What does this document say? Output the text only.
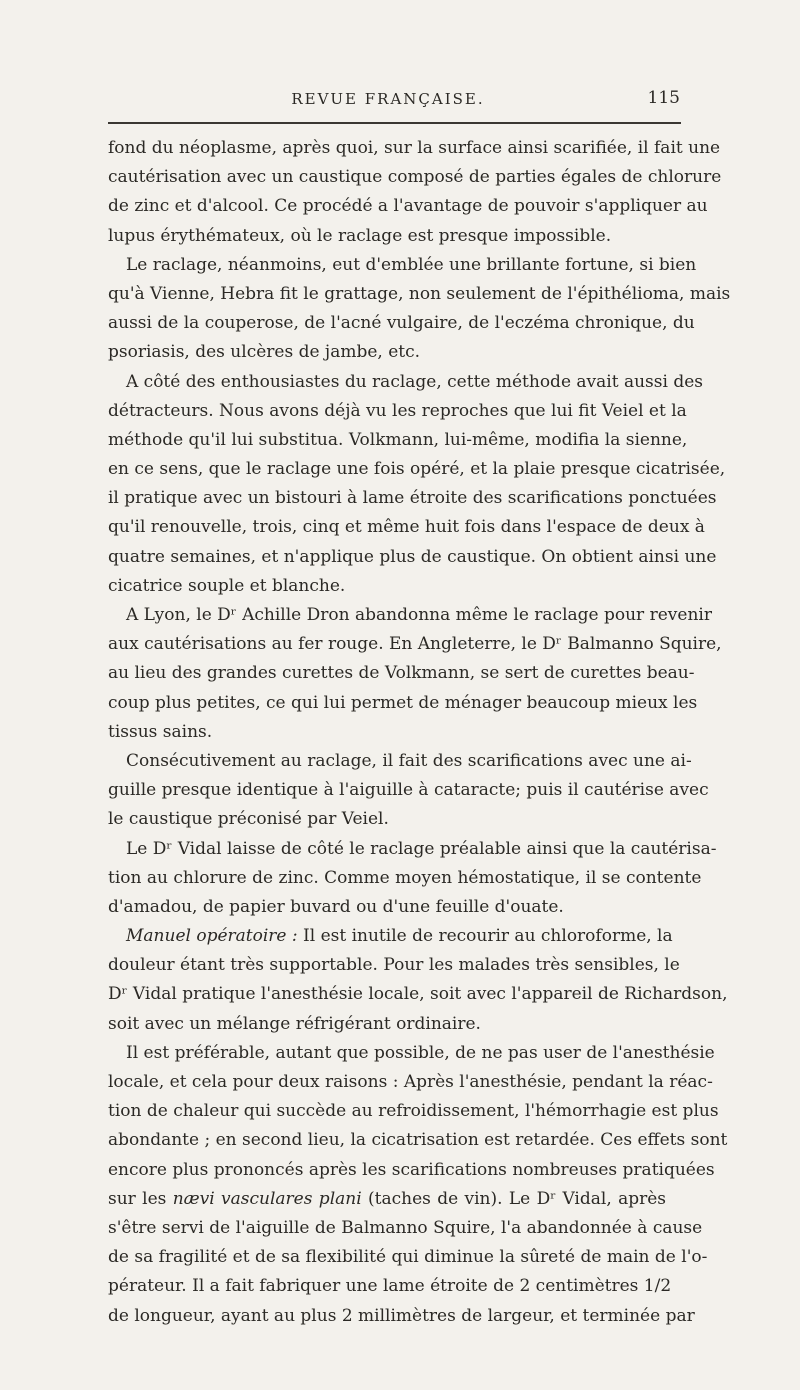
REVUE FRANÇAISE.	115
fond du néoplasme, après quoi, sur la surface ainsi scarifiée, il fait une
cautérisation avec un caustique composé de parties égales de chlorure
de zinc et d'alcool. Ce procédé a l'avantage de pouvoir s'appliquer au
lupus érythémateux, où le raclage est presque impossible.
Le raclage, néanmoins, eut d'emblée une brillante fortune, si bien
qu'à Vienne, Hebra fit le grattage, non seulement de l'épithélioma, mais
aussi de la couperose, de l'acné vulgaire, de l'eczéma chronique, du
psoriasis, des ulcères de jambe, etc.
A côté des enthousiastes du raclage, cette méthode avait aussi des
détracteurs. Nous avons déjà vu les reproches que lui fit Veiel et la
méthode qu'il lui substitua. Volkmann, lui-même, modifia la sienne,
en ce sens, que le raclage une fois opéré, et la plaie presque cicatrisée,
il pratique avec un bistouri à lame étroite des scarifications ponctuées
qu'il renouvelle, trois, cinq et même huit fois dans l'espace de deux à
quatre semaines, et n'applique plus de caustique. On obtient ainsi une
cicatrice souple et blanche.
A Lyon, le Dʳ Achille Dron abandonna même le raclage pour revenir
aux cautérisations au fer rouge. En Angleterre, le Dʳ Balmanno Squire,
au lieu des grandes curettes de Volkmann, se sert de curettes beau-
coup plus petites, ce qui lui permet de ménager beaucoup mieux les
tissus sains.
Consécutivement au raclage, il fait des scarifications avec une ai-
guille presque identique à l'aiguille à cataracte; puis il cautérise avec
le caustique préconisé par Veiel.
Le Dʳ Vidal laisse de côté le raclage préalable ainsi que la cautérisa-
tion au chlorure de zinc. Comme moyen hémostatique, il se contente
d'amadou, de papier buvard ou d'une feuille d'ouate.
Manuel opératoire : Il est inutile de recourir au chloroforme, la
douleur étant très supportable. Pour les malades très sensibles, le
Dʳ Vidal pratique l'anesthésie locale, soit avec l'appareil de Richardson,
soit avec un mélange réfrigérant ordinaire.
Il est préférable, autant que possible, de ne pas user de l'anesthésie
locale, et cela pour deux raisons : Après l'anesthésie, pendant la réac-
tion de chaleur qui succède au refroidissement, l'hémorrhagie est plus
abondante ; en second lieu, la cicatrisation est retardée. Ces effets sont
encore plus prononcés après les scarifications nombreuses pratiquées
sur les nævi vasculares plani (taches de vin). Le Dʳ Vidal, après
s'être servi de l'aiguille de Balmanno Squire, l'a abandonnée à cause
de sa fragilité et de sa flexibilité qui diminue la sûreté de main de l'o-
pérateur. Il a fait fabriquer une lame étroite de 2 centimètres 1/2
de longueur, ayant au plus 2 millimètres de largeur, et terminée par
